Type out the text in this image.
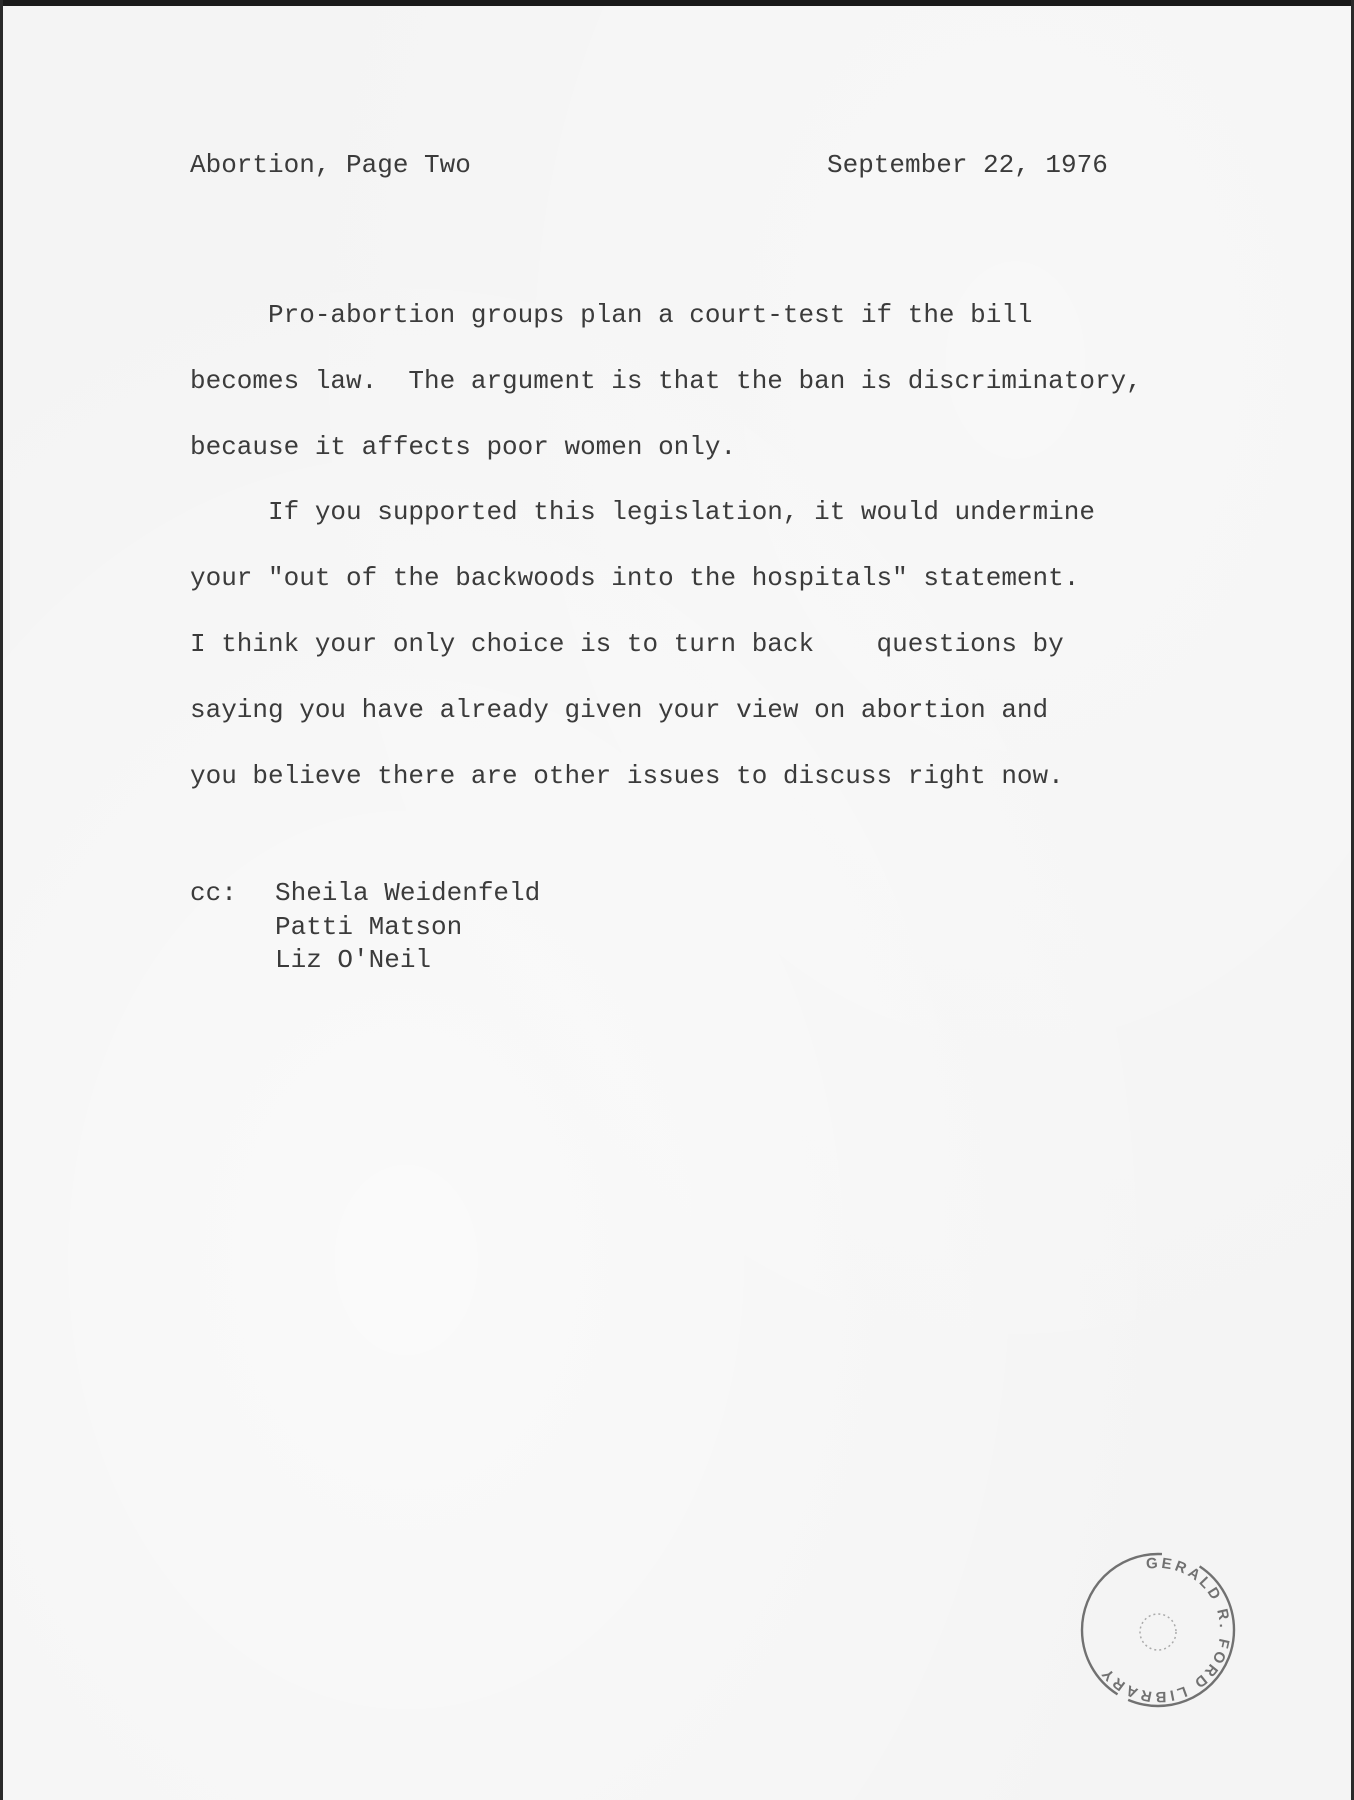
Abortion, Page Two	September 22, 1976
Pro-abortion groups plan a court-test if the bill
becomes law.  The argument is that the ban is discriminatory,
because it affects poor women only.
If you supported this legislation, it would undermine
your "out of the backwoods into the hospitals" statement.
I think your only choice is to turn back    questions by
saying you have already given your view on abortion and
you believe there are other issues to discuss right now.
cc: Sheila Weidenfeld
Patti Matson
Liz O'Neil
GERALD R. FORD LIBRARY
